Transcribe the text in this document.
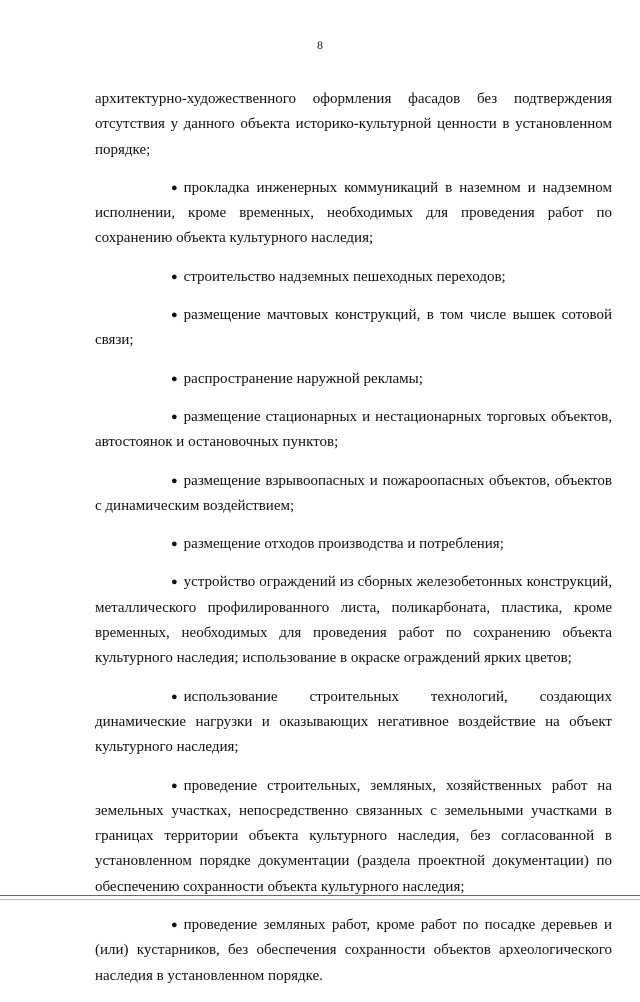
8

архитектурно-художественного оформления фасадов без подтверждения отсутствия у данного объекта историко-культурной ценности в установленном порядке;

● прокладка инженерных коммуникаций в наземном и надземном исполнении, кроме временных, необходимых для проведения работ по сохранению объекта культурного наследия;

● строительство надземных пешеходных переходов;

● размещение мачтовых конструкций, в том числе вышек сотовой связи;

● распространение наружной рекламы;

● размещение стационарных и нестационарных торговых объектов, автостоянок и остановочных пунктов;

● размещение взрывоопасных и пожароопасных объектов, объектов с динамическим воздействием;

● размещение отходов производства и потребления;

● устройство ограждений из сборных железобетонных конструкций, металлического профилированного листа, поликарбоната, пластика, кроме временных, необходимых для проведения работ по сохранению объекта культурного наследия; использование в окраске ограждений ярких цветов;

● использование строительных технологий, создающих динамические нагрузки и оказывающих негативное воздействие на объект культурного наследия;

● проведение строительных, земляных, хозяйственных работ на земельных участках, непосредственно связанных с земельными участками в границах территории объекта культурного наследия, без согласованной в установленном порядке документации (раздела проектной документации) по обеспечению сохранности объекта культурного наследия;

● проведение земляных работ, кроме работ по посадке деревьев и (или) кустарников, без обеспечения сохранности объектов археологического наследия в установленном порядке.
